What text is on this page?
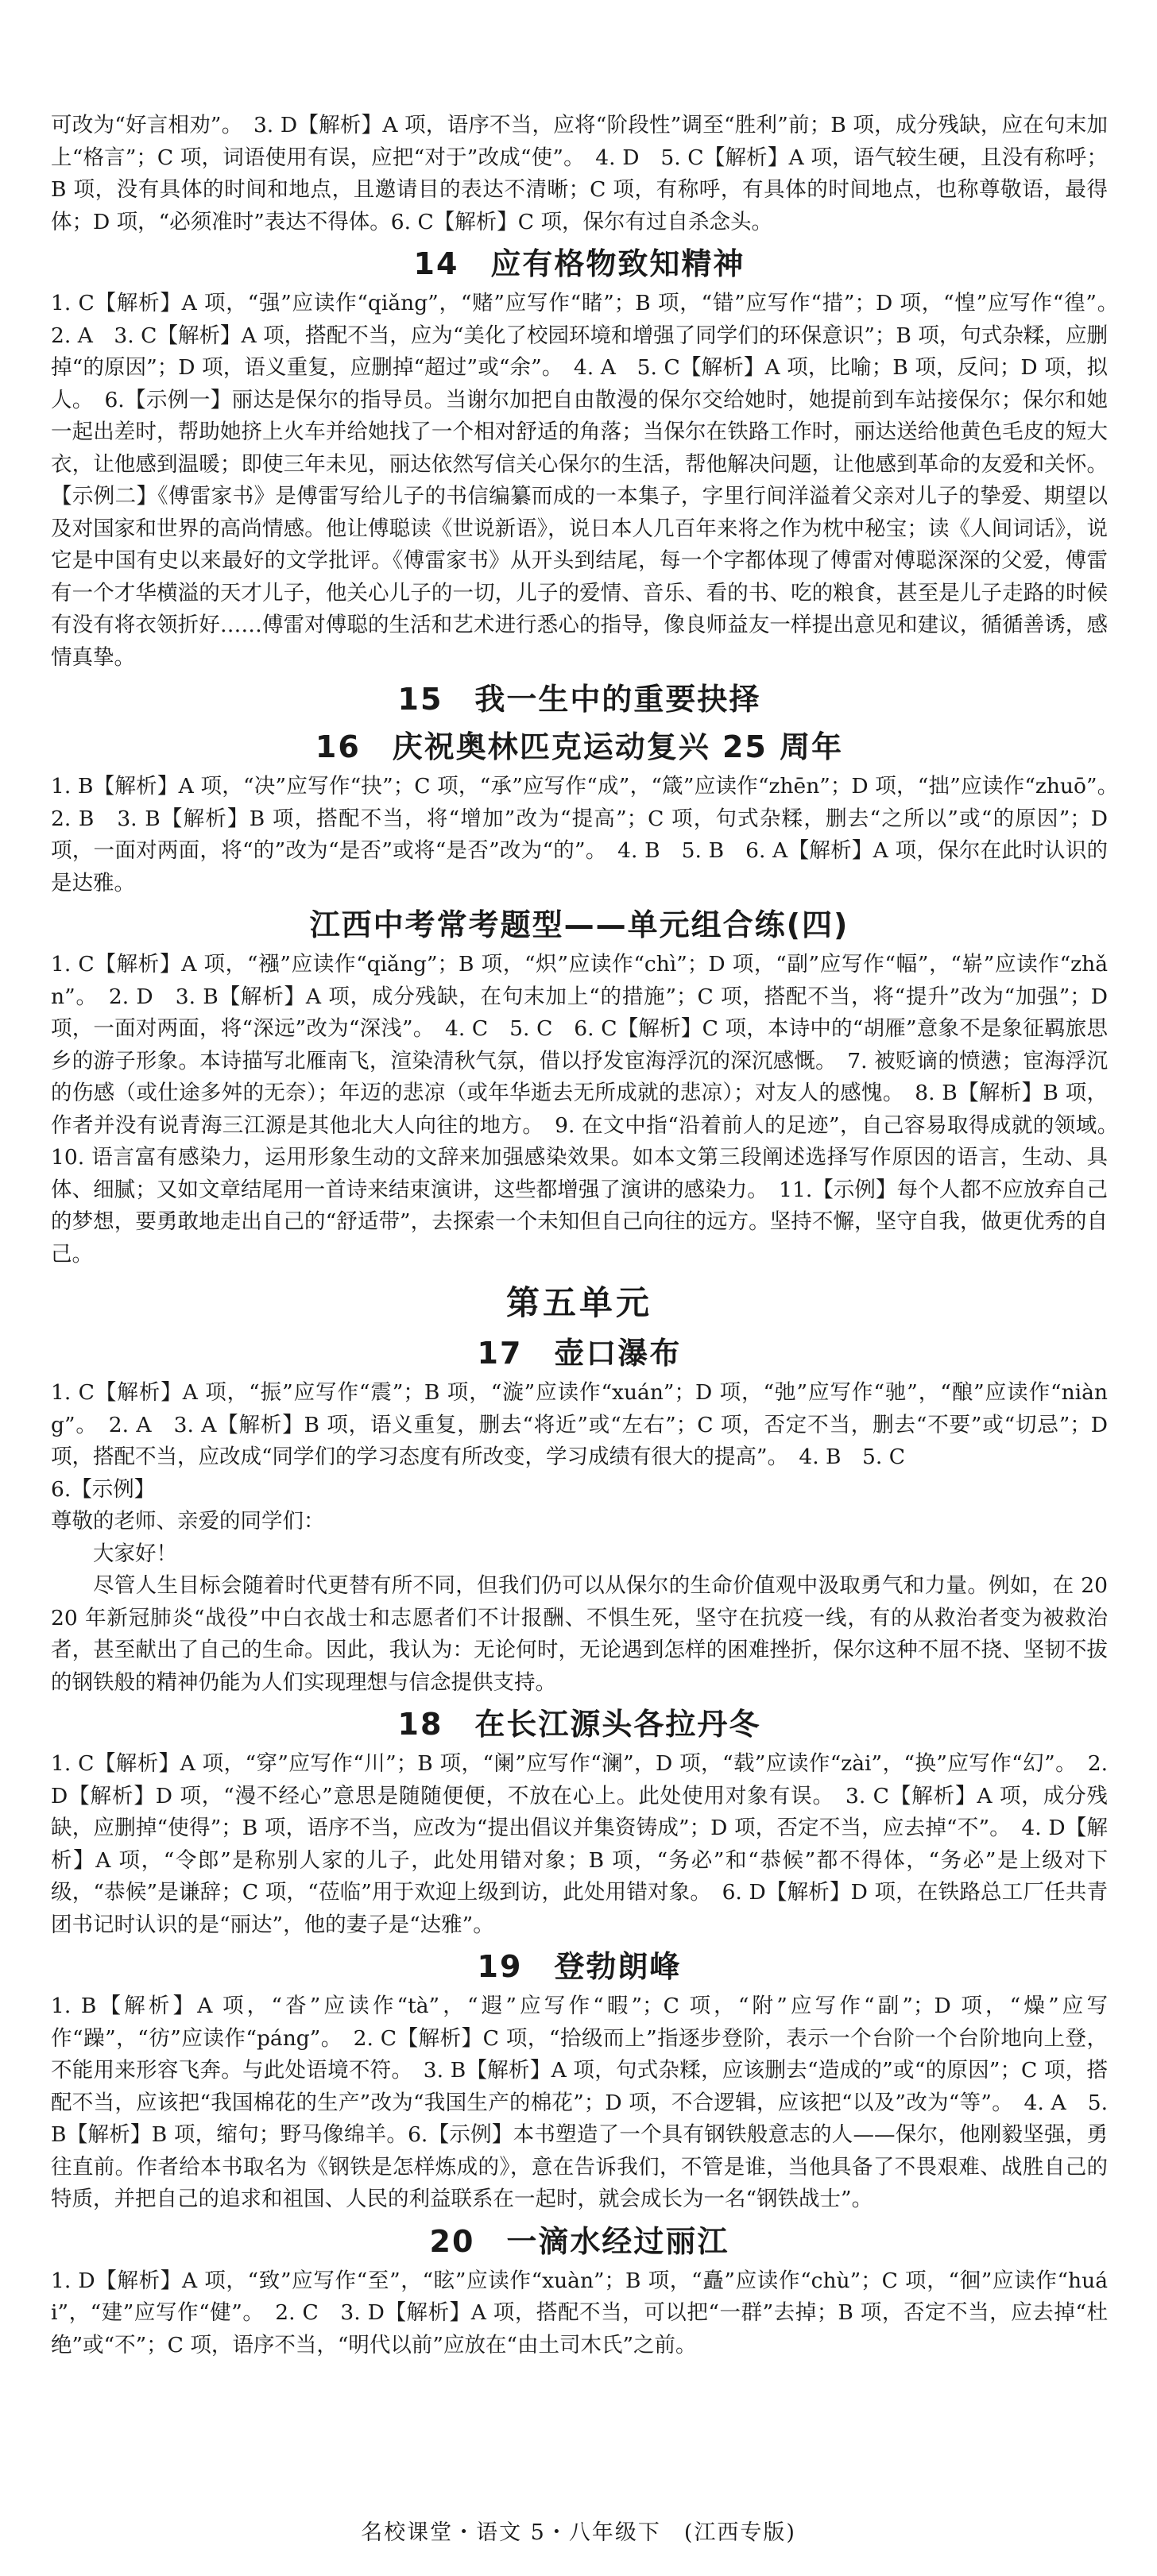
可改为“好言相劝”。　3. D【解析】A 项，语序不当，应将“阶段性”调至“胜利”前；B 项，成分残缺，应在句末加上“格言”；C 项，词语使用有误，应把“对于”改成“使”。　4. D　5. C【解析】A 项，语气较生硬，且没有称呼；B 项，没有具体的时间和地点，且邀请目的表达不清晰；C 项，有称呼，有具体的时间地点，也称尊敬语，最得体；D 项，“必须准时”表达不得体。6. C【解析】C 项，保尔有过自杀念头。

14　应有格物致知精神

1. C【解析】A 项，“强”应读作“qiǎng”，“赌”应写作“睹”；B 项，“错”应写作“措”；D 项，“惶”应写作“徨”。　2. A　3. C【解析】A 项，搭配不当，应为“美化了校园环境和增强了同学们的环保意识”；B 项，句式杂糅，应删掉“的原因”；D 项，语义重复，应删掉“超过”或“余”。　4. A　5. C【解析】A 项，比喻；B 项，反问；D 项，拟人。　6.【示例一】丽达是保尔的指导员。当谢尔加把自由散漫的保尔交给她时，她提前到车站接保尔；保尔和她一起出差时，帮助她挤上火车并给她找了一个相对舒适的角落；当保尔在铁路工作时，丽达送给他黄色毛皮的短大衣，让他感到温暖；即使三年未见，丽达依然写信关心保尔的生活，帮他解决问题，让他感到革命的友爱和关怀。【示例二】《傅雷家书》是傅雷写给儿子的书信编纂而成的一本集子，字里行间洋溢着父亲对儿子的挚爱、期望以及对国家和世界的高尚情感。他让傅聪读《世说新语》，说日本人几百年来将之作为枕中秘宝；读《人间词话》，说它是中国有史以来最好的文学批评。《傅雷家书》从开头到结尾，每一个字都体现了傅雷对傅聪深深的父爱，傅雷有一个才华横溢的天才儿子，他关心儿子的一切，儿子的爱情、音乐、看的书、吃的粮食，甚至是儿子走路的时候有没有将衣领折好……傅雷对傅聪的生活和艺术进行悉心的指导，像良师益友一样提出意见和建议，循循善诱，感情真挚。

15　我一生中的重要抉择
16　庆祝奥林匹克运动复兴 25 周年

1. B【解析】A 项，“决”应写作“抉”；C 项，“承”应写作“成”，“箴”应读作“zhēn”；D 项，“拙”应读作“zhuō”。　2. B　3. B【解析】B 项，搭配不当，将“增加”改为“提高”；C 项，句式杂糅，删去“之所以”或“的原因”；D 项，一面对两面，将“的”改为“是否”或将“是否”改为“的”。　4. B　5. B　6. A【解析】A 项，保尔在此时认识的是达雅。

江西中考常考题型——单元组合练(四)

1. C【解析】A 项，“襁”应读作“qiǎng”；B 项，“炽”应读作“chì”；D 项，“副”应写作“幅”，“崭”应读作“zhǎn”。　2. D　3. B【解析】A 项，成分残缺，在句末加上“的措施”；C 项，搭配不当，将“提升”改为“加强”；D 项，一面对两面，将“深远”改为“深浅”。　4. C　5. C　6. C【解析】C 项，本诗中的“胡雁”意象不是象征羁旅思乡的游子形象。本诗描写北雁南飞，渲染清秋气氛，借以抒发宦海浮沉的深沉感慨。　7. 被贬谪的愤懑；宦海浮沉的伤感（或仕途多舛的无奈）；年迈的悲凉（或年华逝去无所成就的悲凉）；对友人的感愧。　8. B【解析】B 项，作者并没有说青海三江源是其他北大人向往的地方。　9. 在文中指“沿着前人的足迹”，自己容易取得成就的领域。　10. 语言富有感染力，运用形象生动的文辞来加强感染效果。如本文第三段阐述选择写作原因的语言，生动、具体、细腻；又如文章结尾用一首诗来结束演讲，这些都增强了演讲的感染力。　11.【示例】每个人都不应放弃自己的梦想，要勇敢地走出自己的“舒适带”，去探索一个未知但自己向往的远方。坚持不懈，坚守自我，做更优秀的自己。

第五单元
17　壶口瀑布

1. C【解析】A 项，“振”应写作“震”；B 项，“漩”应读作“xuán”；D 项，“弛”应写作“驰”，“酿”应读作“niàng”。　2. A　3. A【解析】B 项，语义重复，删去“将近”或“左右”；C 项，否定不当，删去“不要”或“切忌”；D 项，搭配不当，应改成“同学们的学习态度有所改变，学习成绩有很大的提高”。　4. B　5. C

6.【示例】

尊敬的老师、亲爱的同学们：

大家好！

尽管人生目标会随着时代更替有所不同，但我们仍可以从保尔的生命价值观中汲取勇气和力量。例如，在 2020 年新冠肺炎“战役”中白衣战士和志愿者们不计报酬、不惧生死，坚守在抗疫一线，有的从救治者变为被救治者，甚至献出了自己的生命。因此，我认为：无论何时，无论遇到怎样的困难挫折，保尔这种不屈不挠、坚韧不拔的钢铁般的精神仍能为人们实现理想与信念提供支持。

18　在长江源头各拉丹冬

1. C【解析】A 项，“穿”应写作“川”；B 项，“阑”应写作“澜”，D 项，“载”应读作“zài”，“换”应写作“幻”。　2. D【解析】D 项，“漫不经心”意思是随随便便，不放在心上。此处使用对象有误。　3. C【解析】A 项，成分残缺，应删掉“使得”；B 项，语序不当，应改为“提出倡议并集资铸成”；D 项，否定不当，应去掉“不”。　4. D【解析】A 项，“令郎”是称别人家的儿子，此处用错对象；B 项，“务必”和“恭候”都不得体，“务必”是上级对下级，“恭候”是谦辞；C 项，“莅临”用于欢迎上级到访，此处用错对象。　6. D【解析】D 项，在铁路总工厂任共青团书记时认识的是“丽达”，他的妻子是“达雅”。

19　登勃朗峰

1. B【解析】A 项，“沓”应读作“tà”，“遐”应写作“暇”；C 项，“附”应写作“副”；D 项，“燥”应写作“躁”，“彷”应读作“páng”。　2. C【解析】C 项，“拾级而上”指逐步登阶，表示一个台阶一个台阶地向上登，不能用来形容飞奔。与此处语境不符。　3. B【解析】A 项，句式杂糅，应该删去“造成的”或“的原因”；C 项，搭配不当，应该把“我国棉花的生产”改为“我国生产的棉花”；D 项，不合逻辑，应该把“以及”改为“等”。　4. A　5. B【解析】B 项，缩句；野马像绵羊。6.【示例】本书塑造了一个具有钢铁般意志的人——保尔，他刚毅坚强，勇往直前。作者给本书取名为《钢铁是怎样炼成的》，意在告诉我们，不管是谁，当他具备了不畏艰难、战胜自己的特质，并把自己的追求和祖国、人民的利益联系在一起时，就会成长为一名“钢铁战士”。

20　一滴水经过丽江

1. D【解析】A 项，“致”应写作“至”，“眩”应读作“xuàn”；B 项，“矗”应读作“chù”；C 项，“徊”应读作“huái”，“建”应写作“健”。　2. C　3. D【解析】A 项，搭配不当，可以把“一群”去掉；B 项，否定不当，应去掉“杜绝”或“不”；C 项，语序不当，“明代以前”应放在“由土司木氏”之前。

名校课堂・语文 5・八年级下　(江西专版)
